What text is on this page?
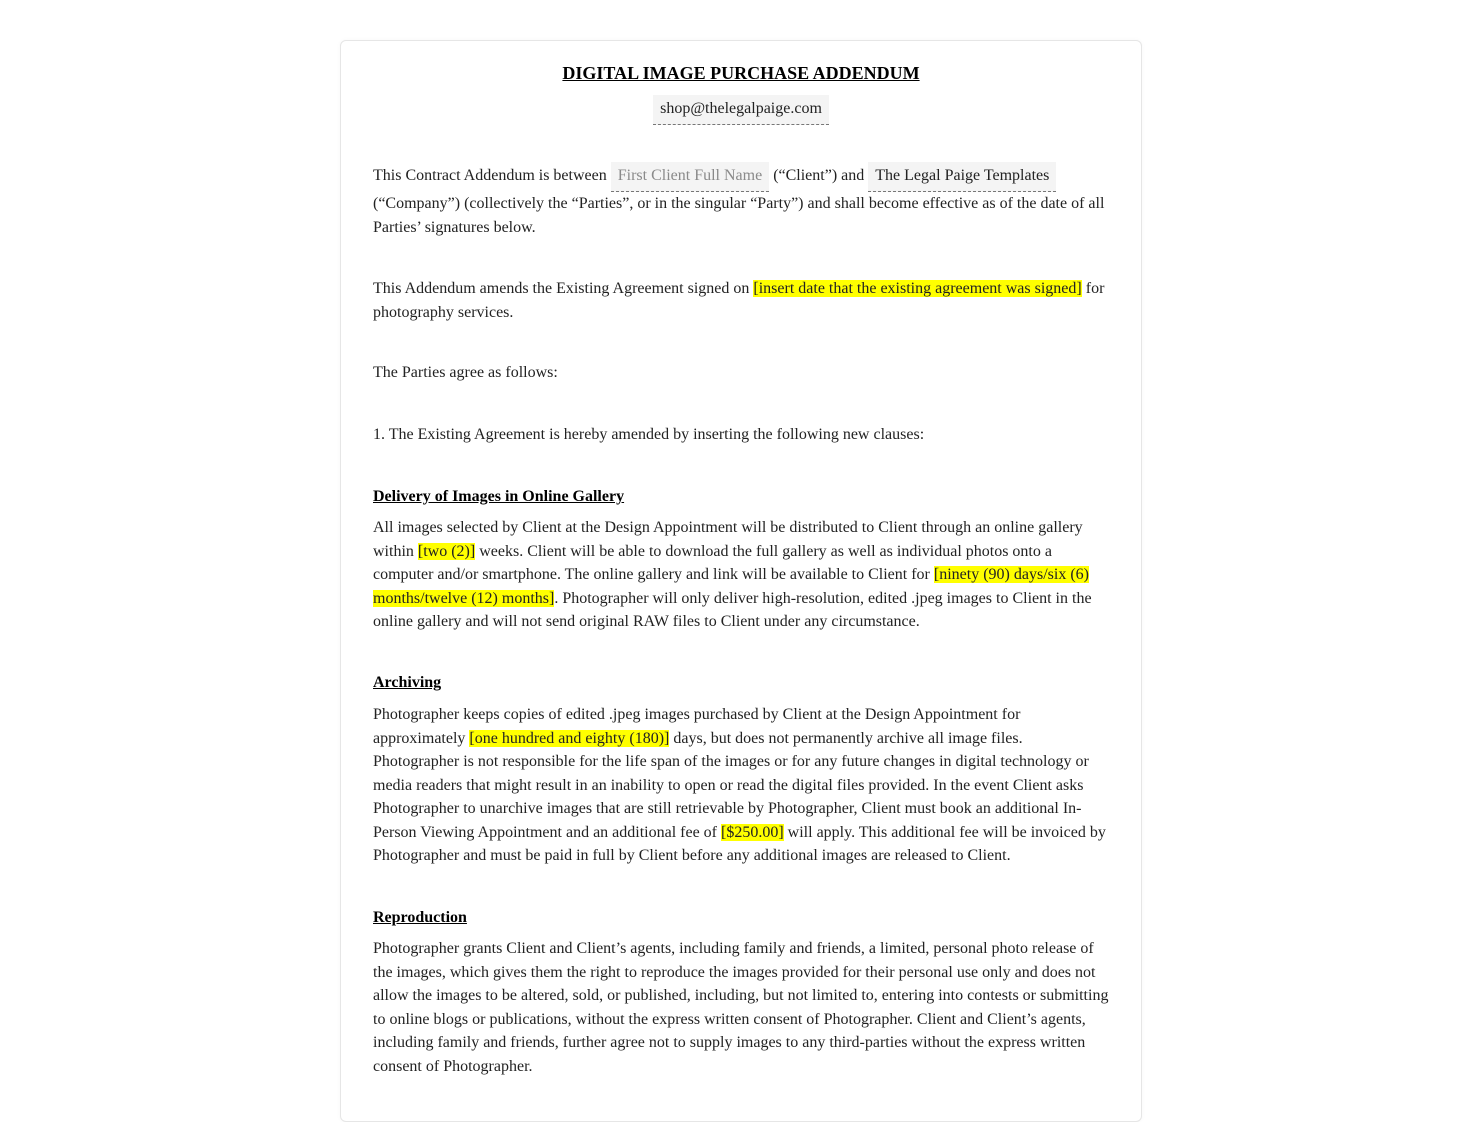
DIGITAL IMAGE PURCHASE ADDENDUM
shop@thelegalpaige.com
This Contract Addendum is between First Client Full Name (“Client”) and The Legal Paige Templates
(“Company”) (collectively the “Parties”, or in the singular “Party”) and shall become effective as of the date of all Parties’ signatures below.
This Addendum amends the Existing Agreement signed on [insert date that the existing agreement was signed] for photography services.
The Parties agree as follows:
1. The Existing Agreement is hereby amended by inserting the following new clauses:
Delivery of Images in Online Gallery
All images selected by Client at the Design Appointment will be distributed to Client through an online gallery within [two (2)] weeks. Client will be able to download the full gallery as well as individual photos onto a computer and/or smartphone. The online gallery and link will be available to Client for [ninety (90) days/six (6) months/twelve (12) months]. Photographer will only deliver high-resolution, edited .jpeg images to Client in the online gallery and will not send original RAW files to Client under any circumstance.
Archiving
Photographer keeps copies of edited .jpeg images purchased by Client at the Design Appointment for approximately [one hundred and eighty (180)] days, but does not permanently archive all image files. Photographer is not responsible for the life span of the images or for any future changes in digital technology or media readers that might result in an inability to open or read the digital files provided. In the event Client asks Photographer to unarchive images that are still retrievable by Photographer, Client must book an additional In-Person Viewing Appointment and an additional fee of [$250.00] will apply. This additional fee will be invoiced by Photographer and must be paid in full by Client before any additional images are released to Client.
Reproduction
Photographer grants Client and Client’s agents, including family and friends, a limited, personal photo release of the images, which gives them the right to reproduce the images provided for their personal use only and does not allow the images to be altered, sold, or published, including, but not limited to, entering into contests or submitting to online blogs or publications, without the express written consent of Photographer. Client and Client’s agents, including family and friends, further agree not to supply images to any third-parties without the express written consent of Photographer.
